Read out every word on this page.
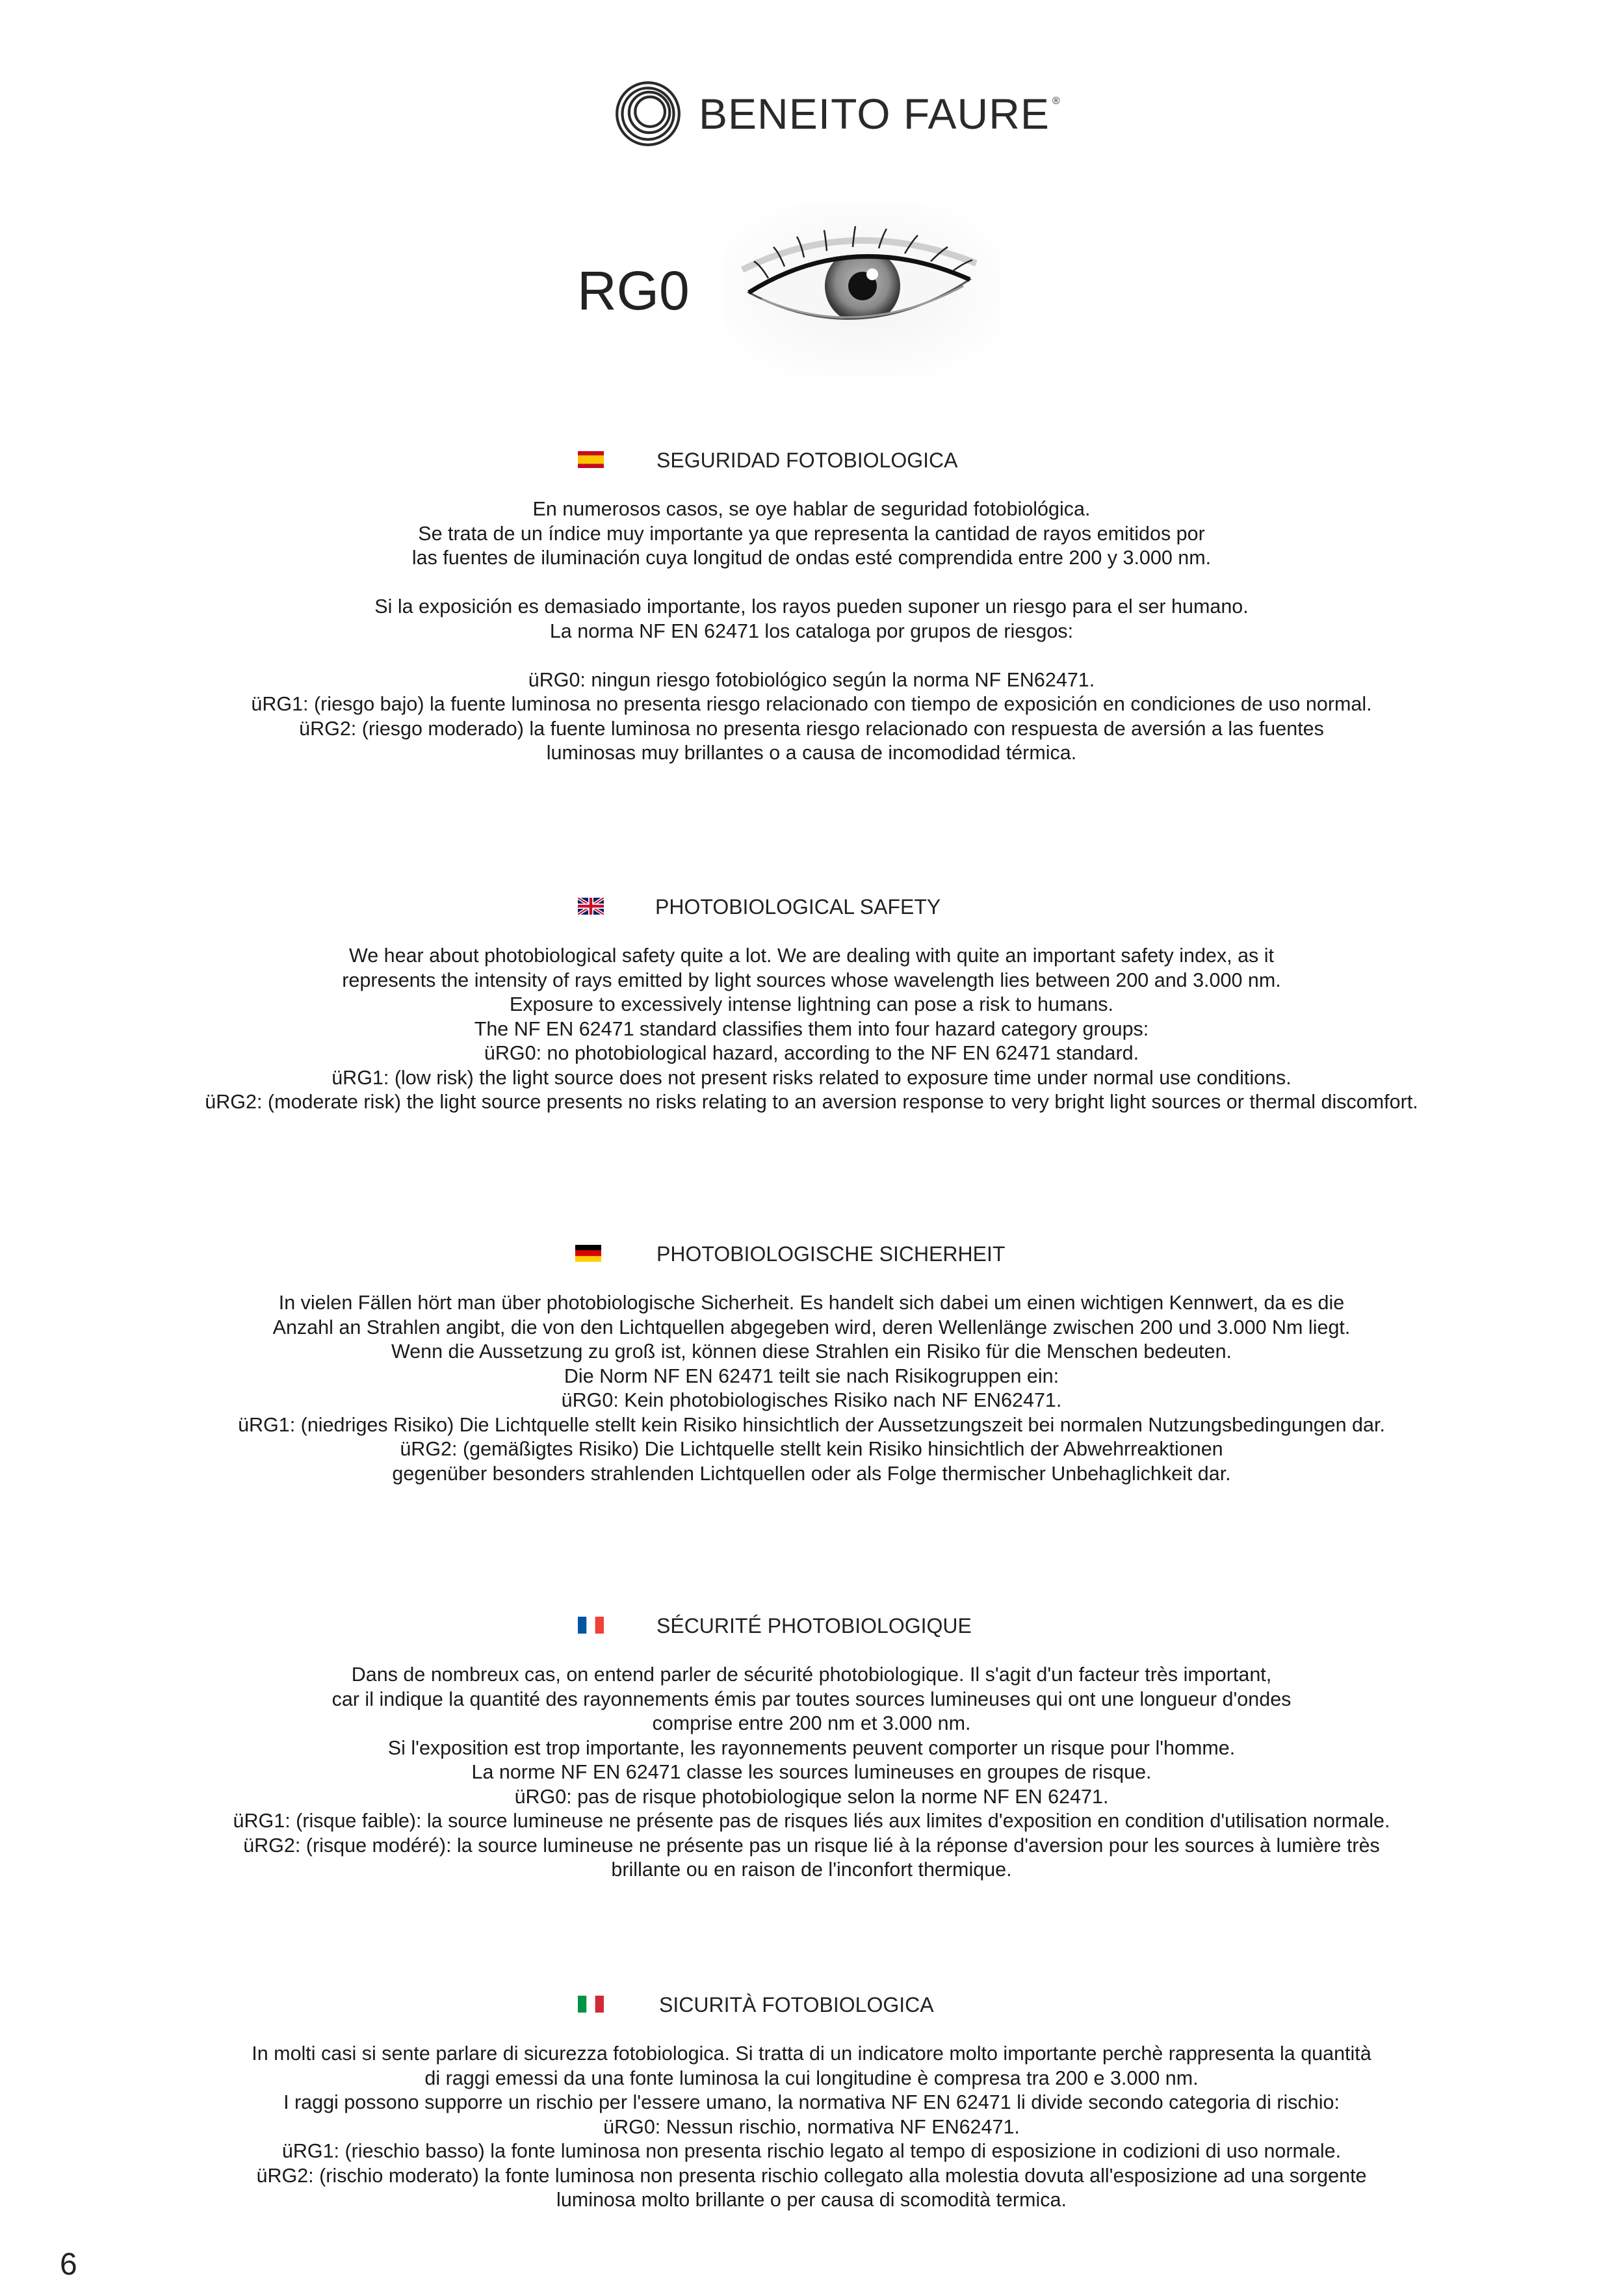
BENEITO FAURE ®
RG0
SEGURIDAD FOTOBIOLOGICA
En numerosos casos, se oye hablar de seguridad fotobiológica.
Se trata de un índice muy importante ya que representa la cantidad de rayos emitidos por
las fuentes de iluminación cuya longitud de ondas esté comprendida entre 200 y 3.000 nm.
Si la exposición es demasiado importante, los rayos pueden suponer un riesgo para el ser humano.
La norma NF EN 62471 los cataloga por grupos de riesgos:
üRG0: ningun riesgo fotobiológico según la norma NF EN62471.
üRG1: (riesgo bajo) la fuente luminosa no presenta riesgo relacionado con tiempo de exposición en condiciones de uso normal.
üRG2: (riesgo moderado) la fuente luminosa no presenta riesgo relacionado con respuesta de aversión a las fuentes
luminosas muy brillantes o a causa de incomodidad térmica.
PHOTOBIOLOGICAL SAFETY
We hear about photobiological safety quite a lot. We are dealing with quite an important safety index, as it
represents the intensity of rays emitted by light sources whose wavelength lies between 200 and 3.000 nm.
Exposure to excessively intense lightning can pose a risk to humans.
The NF EN 62471 standard classifies them into four hazard category groups:
üRG0: no photobiological hazard, according to the NF EN 62471 standard.
üRG1: (low risk) the light source does not present risks related to exposure time under normal use conditions.
üRG2: (moderate risk) the light source presents no risks relating to an aversion response to very bright light sources or thermal discomfort.
PHOTOBIOLOGISCHE SICHERHEIT
In vielen Fällen hört man über photobiologische Sicherheit. Es handelt sich dabei um einen wichtigen Kennwert, da es die
Anzahl an Strahlen angibt, die von den Lichtquellen abgegeben wird, deren Wellenlänge zwischen 200 und 3.000 Nm liegt.
Wenn die Aussetzung zu groß ist, können diese Strahlen ein Risiko für die Menschen bedeuten.
Die Norm NF EN 62471 teilt sie nach Risikogruppen ein:
üRG0: Kein photobiologisches Risiko nach NF EN62471.
üRG1: (niedriges Risiko) Die Lichtquelle stellt kein Risiko hinsichtlich der Aussetzungszeit bei normalen Nutzungsbedingungen dar.
üRG2: (gemäßigtes Risiko) Die Lichtquelle stellt kein Risiko hinsichtlich der Abwehrreaktionen
gegenüber besonders strahlenden Lichtquellen oder als Folge thermischer Unbehaglichkeit dar.
SÉCURITÉ PHOTOBIOLOGIQUE
Dans de nombreux cas, on entend parler de sécurité photobiologique. Il s'agit d'un facteur très important,
car il indique la quantité des rayonnements émis par toutes sources lumineuses qui ont une longueur d'ondes
comprise entre 200 nm et 3.000 nm.
Si l'exposition est trop importante, les rayonnements peuvent comporter un risque pour l'homme.
La norme NF EN 62471 classe les sources lumineuses en groupes de risque.
üRG0: pas de risque photobiologique selon la norme NF EN 62471.
üRG1: (risque faible): la source lumineuse ne présente pas de risques liés aux limites d'exposition en condition d'utilisation normale.
üRG2: (risque modéré): la source lumineuse ne présente pas un risque lié à la réponse d'aversion pour les sources à lumière très
brillante ou en raison de l'inconfort thermique.
SICURITÀ FOTOBIOLOGICA
In molti casi si sente parlare di sicurezza fotobiologica. Si tratta di un indicatore molto importante perchè rappresenta la quantità
di raggi emessi da una fonte luminosa la cui longitudine è compresa tra 200 e 3.000 nm.
I raggi possono supporre un rischio per l'essere umano, la normativa NF EN 62471 li divide secondo categoria di rischio:
üRG0: Nessun rischio, normativa NF EN62471.
üRG1: (rieschio basso) la fonte luminosa non presenta rischio legato al tempo di esposizione in codizioni di uso normale.
üRG2: (rischio moderato) la fonte luminosa non presenta rischio collegato alla molestia dovuta all'esposizione ad una sorgente
luminosa molto brillante o per causa di scomodità termica.
6
